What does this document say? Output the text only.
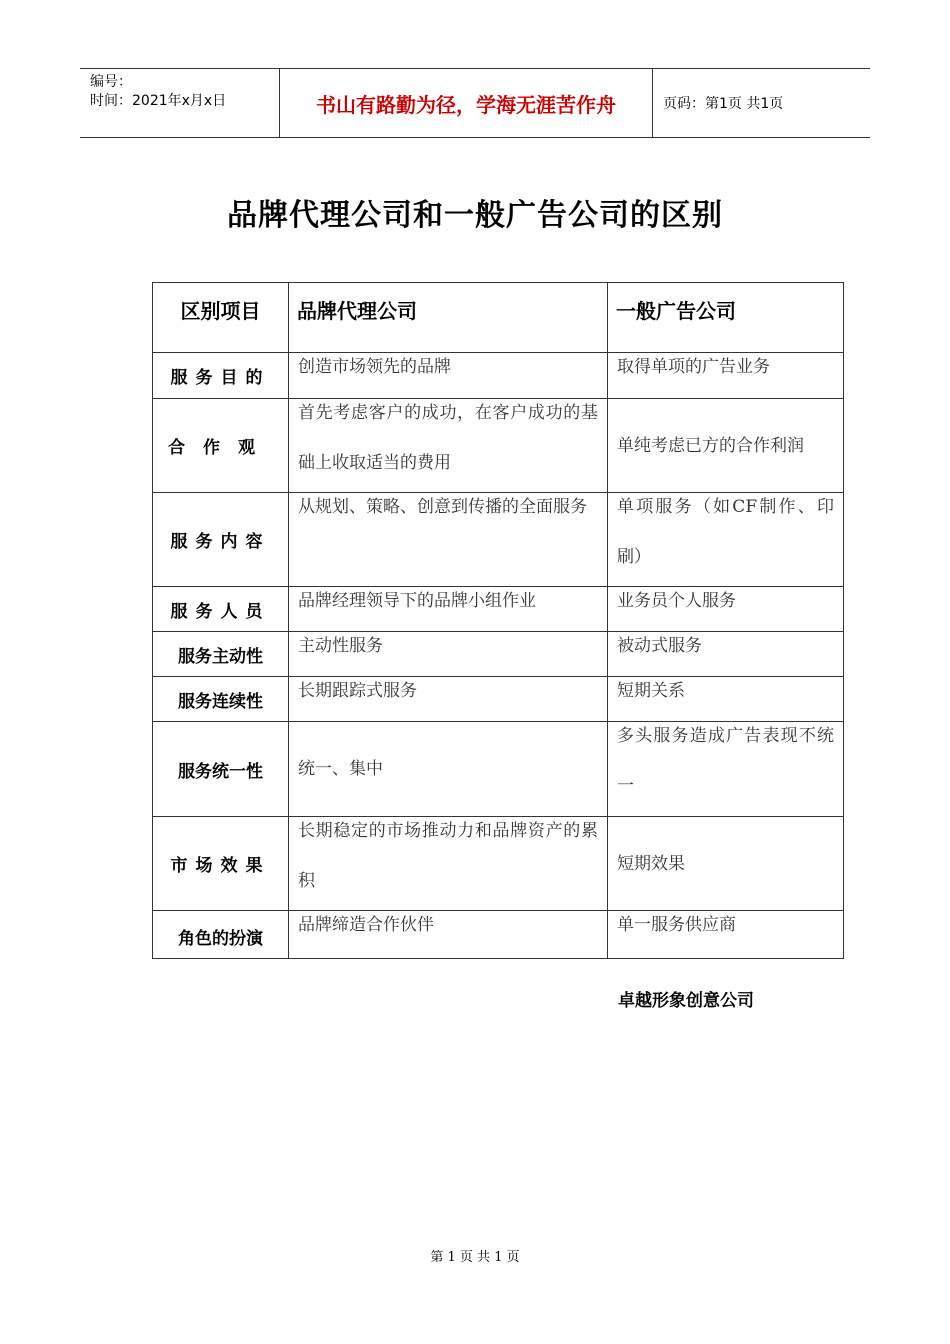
编号：
时间：2021年x月x日	书山有路勤为径，学海无涯苦作舟	页码：第1页 共1页
品牌代理公司和一般广告公司的区别
区别项目	品牌代理公司	一般广告公司
服务目的	创造市场领先的品牌	取得单项的广告业务

合作观	首先考虑客户的成功，在客户成功的基础上收取适当的费用	单纯考虑已方的合作利润

服务内容	从规划、策略、创意到传播的全面服务	单项服务（如CF制作、印刷）

服务人员	品牌经理领导下的品牌小组作业	业务员个人服务

服务主动性	主动性服务	被动式服务

服务连续性	长期跟踪式服务	短期关系

服务统一性	统一、集中	多头服务造成广告表现不统一

市场效果	长期稳定的市场推动力和品牌资产的累积	短期效果

角色的扮演	品牌缔造合作伙伴	单一服务供应商
卓越形象创意公司
第 1 页 共 1 页
